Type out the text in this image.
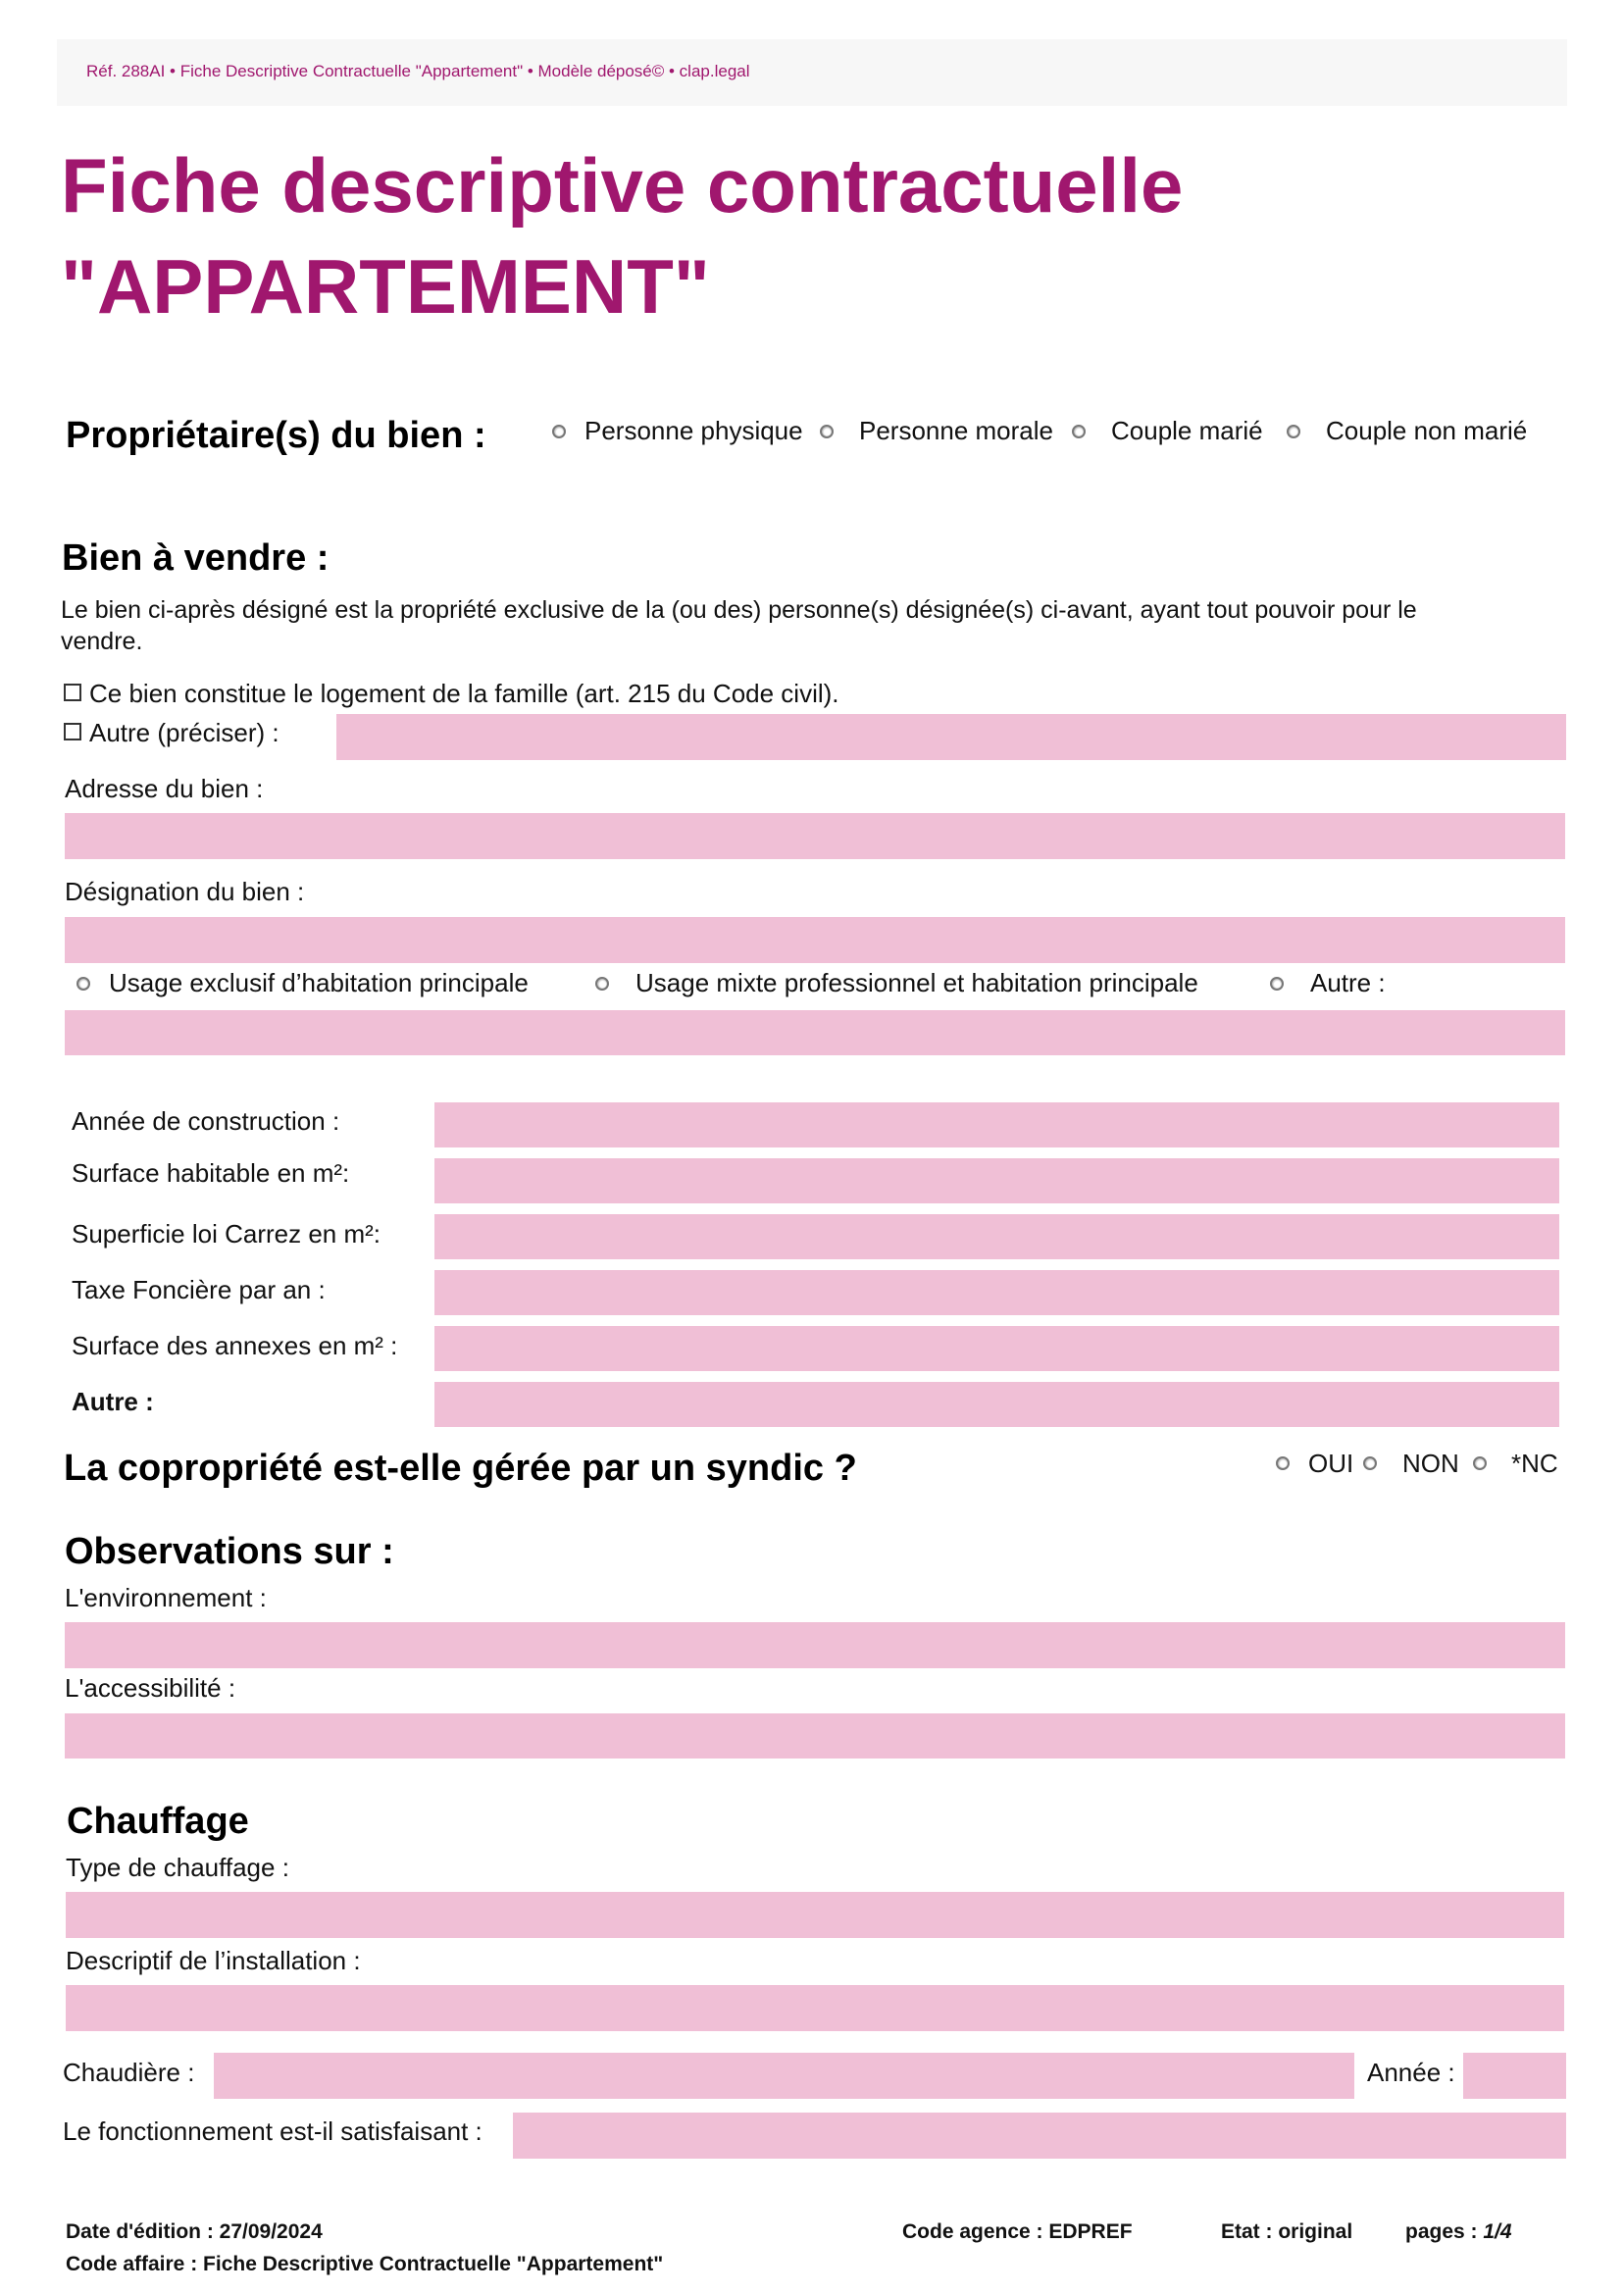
Réf. 288AI • Fiche Descriptive Contractuelle "Appartement" • Modèle déposé© • clap.legal
Fiche descriptive contractuelle
"APPARTEMENT"
Propriétaire(s) du bien :	Personne physique Personne morale Couple marié Couple non marié
Bien à vendre :
Le bien ci-après désigné est la propriété exclusive de la (ou des) personne(s) désignée(s) ci-avant, ayant tout pouvoir pour le
vendre.
Ce bien constitue le logement de la famille (art. 215 du Code civil).
Autre (préciser) :
Adresse du bien :
Désignation du bien :
Usage exclusif d’habitation principale	Usage mixte professionnel et habitation principale	Autre :
Année de construction :
Surface habitable en m²:
Superficie loi Carrez en m²:
Taxe Foncière par an :
Surface des annexes en m² :
Autre :
La copropriété est-elle gérée par un syndic ?	OUI NON *NC
Observations sur :
L'environnement :
L'accessibilité :
Chauffage
Type de chauffage :
Descriptif de l’installation :
Chaudière :	Année :
Le fonctionnement est-il satisfaisant :
Date d'édition : 27/09/2024
Code affaire : Fiche Descriptive Contractuelle "Appartement"
Code agence : EDPREF	Etat : original	pages : 1/4
